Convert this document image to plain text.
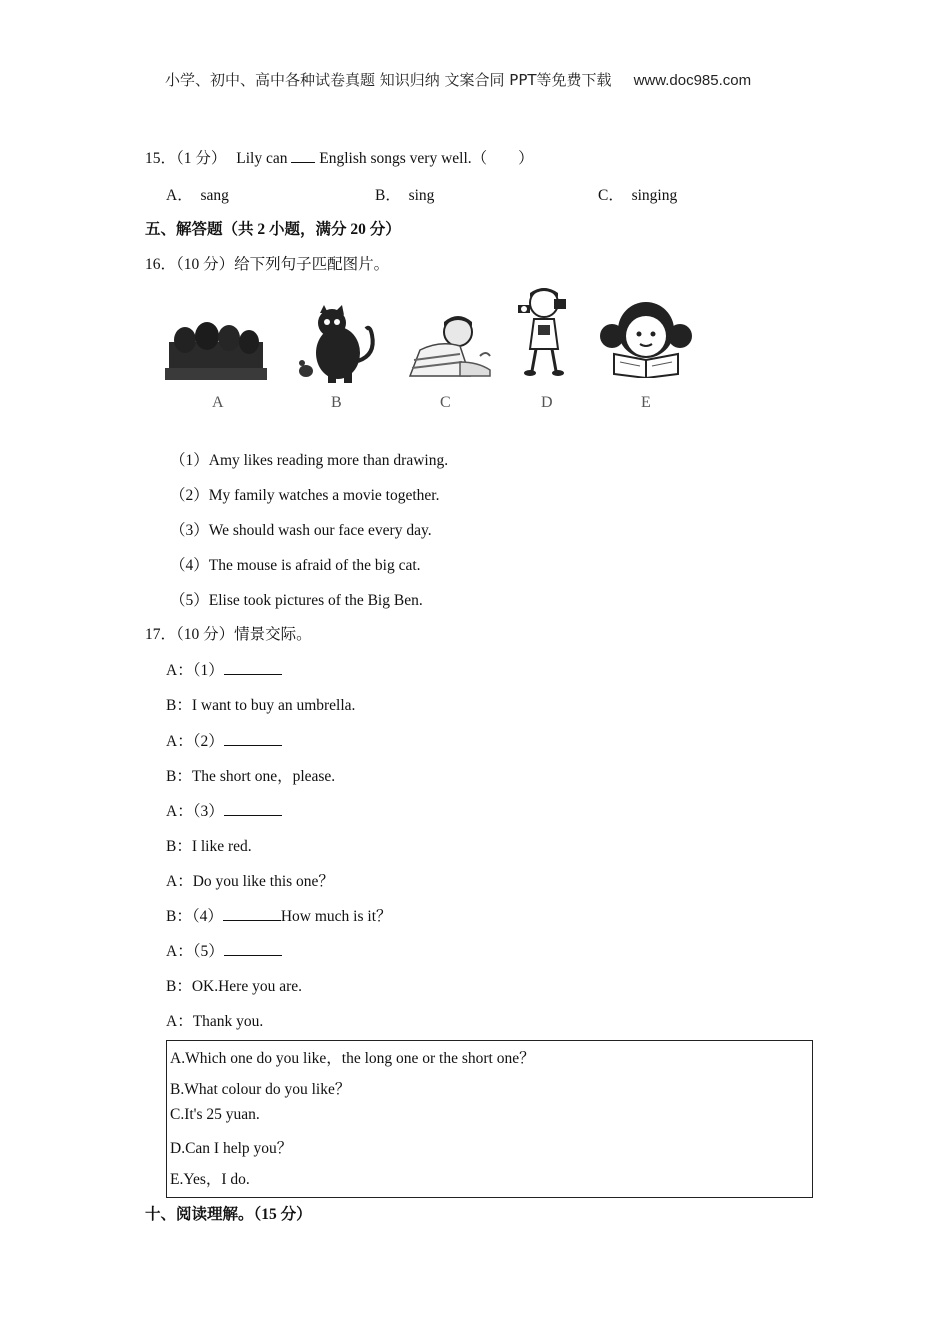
小学、初中、高中各种试卷真题 知识归纳 文案合同 PPT等免费下载 www.doc985.com
15．（1 分） Lily can English songs very well.（　　）
A． sang	B． sing	C． singing
五、解答题（共 2 小题，满分 20 分）
16．（10 分）给下列句子匹配图片。
A	B	C	D	E
（1）Amy likes reading more than drawing.
（2）My family watches a movie together.
（3）We should wash our face every day.
（4）The mouse is afraid of the big cat.
（5）Elise took pictures of the Big Ben.
17．（10 分）情景交际。
A：（1）
B：I want to buy an umbrella.
A：（2）
B：The short one，please.
A：（3）
B：I like red.
A：Do you like this one？
B：（4）	How much is it？
A：（5）
B：OK.Here you are.
A：Thank you.
A.Which one do you like，the long one or the short one？
B.What colour do you like？
C.It's 25 yuan.
D.Can I help you？
E.Yes，I do.
十、阅读理解。（15 分）
